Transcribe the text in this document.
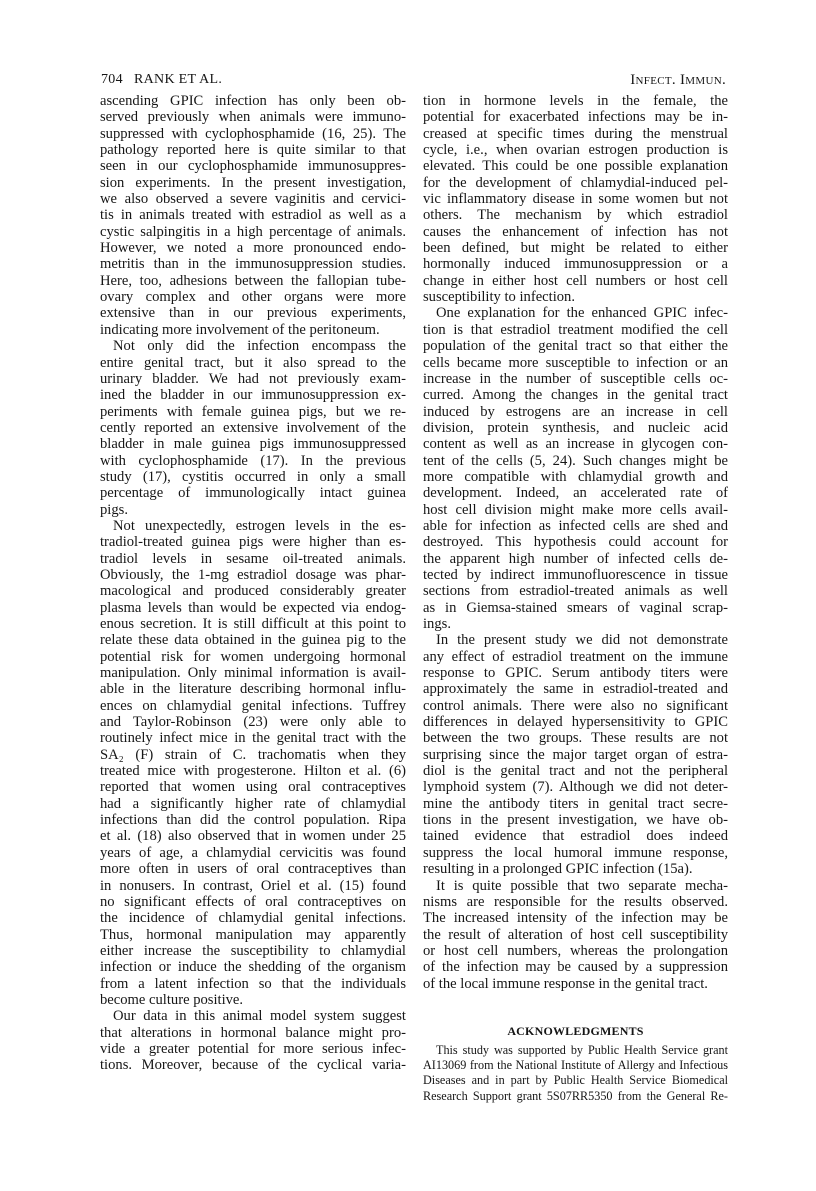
704 RANK ET AL.	Infect. Immun.
ascending GPIC infection has only been ob-
served previously when animals were immuno-
suppressed with cyclophosphamide (16, 25). The
pathology reported here is quite similar to that
seen in our cyclophosphamide immunosuppres-
sion experiments. In the present investigation,
we also observed a severe vaginitis and cervici-
tis in animals treated with estradiol as well as a
cystic salpingitis in a high percentage of animals.
However, we noted a more pronounced endo-
metritis than in the immunosuppression studies.
Here, too, adhesions between the fallopian tube-
ovary complex and other organs were more
extensive than in our previous experiments,
indicating more involvement of the peritoneum.
Not only did the infection encompass the
entire genital tract, but it also spread to the
urinary bladder. We had not previously exam-
ined the bladder in our immunosuppression ex-
periments with female guinea pigs, but we re-
cently reported an extensive involvement of the
bladder in male guinea pigs immunosuppressed
with cyclophosphamide (17). In the previous
study (17), cystitis occurred in only a small
percentage of immunologically intact guinea
pigs.
Not unexpectedly, estrogen levels in the es-
tradiol-treated guinea pigs were higher than es-
tradiol levels in sesame oil-treated animals.
Obviously, the 1-mg estradiol dosage was phar-
macological and produced considerably greater
plasma levels than would be expected via endog-
enous secretion. It is still difficult at this point to
relate these data obtained in the guinea pig to the
potential risk for women undergoing hormonal
manipulation. Only minimal information is avail-
able in the literature describing hormonal influ-
ences on chlamydial genital infections. Tuffrey
and Taylor-Robinson (23) were only able to
routinely infect mice in the genital tract with the
SA₂ (F) strain of C. trachomatis when they
treated mice with progesterone. Hilton et al. (6)
reported that women using oral contraceptives
had a significantly higher rate of chlamydial
infections than did the control population. Ripa
et al. (18) also observed that in women under 25
years of age, a chlamydial cervicitis was found
more often in users of oral contraceptives than
in nonusers. In contrast, Oriel et al. (15) found
no significant effects of oral contraceptives on
the incidence of chlamydial genital infections.
Thus, hormonal manipulation may apparently
either increase the susceptibility to chlamydial
infection or induce the shedding of the organism
from a latent infection so that the individuals
become culture positive.
Our data in this animal model system suggest
that alterations in hormonal balance might pro-
vide a greater potential for more serious infec-
tions. Moreover, because of the cyclical varia-
tion in hormone levels in the female, the
potential for exacerbated infections may be in-
creased at specific times during the menstrual
cycle, i.e., when ovarian estrogen production is
elevated. This could be one possible explanation
for the development of chlamydial-induced pel-
vic inflammatory disease in some women but not
others. The mechanism by which estradiol
causes the enhancement of infection has not
been defined, but might be related to either
hormonally induced immunosuppression or a
change in either host cell numbers or host cell
susceptibility to infection.
One explanation for the enhanced GPIC infec-
tion is that estradiol treatment modified the cell
population of the genital tract so that either the
cells became more susceptible to infection or an
increase in the number of susceptible cells oc-
curred. Among the changes in the genital tract
induced by estrogens are an increase in cell
division, protein synthesis, and nucleic acid
content as well as an increase in glycogen con-
tent of the cells (5, 24). Such changes might be
more compatible with chlamydial growth and
development. Indeed, an accelerated rate of
host cell division might make more cells avail-
able for infection as infected cells are shed and
destroyed. This hypothesis could account for
the apparent high number of infected cells de-
tected by indirect immunofluorescence in tissue
sections from estradiol-treated animals as well
as in Giemsa-stained smears of vaginal scrap-
ings.
In the present study we did not demonstrate
any effect of estradiol treatment on the immune
response to GPIC. Serum antibody titers were
approximately the same in estradiol-treated and
control animals. There were also no significant
differences in delayed hypersensitivity to GPIC
between the two groups. These results are not
surprising since the major target organ of estra-
diol is the genital tract and not the peripheral
lymphoid system (7). Although we did not deter-
mine the antibody titers in genital tract secre-
tions in the present investigation, we have ob-
tained evidence that estradiol does indeed
suppress the local humoral immune response,
resulting in a prolonged GPIC infection (15a).
It is quite possible that two separate mecha-
nisms are responsible for the results observed.
The increased intensity of the infection may be
the result of alteration of host cell susceptibility
or host cell numbers, whereas the prolongation
of the infection may be caused by a suppression
of the local immune response in the genital tract.
ACKNOWLEDGMENTS
This study was supported by Public Health Service grant
AI13069 from the National Institute of Allergy and Infectious
Diseases and in part by Public Health Service Biomedical
Research Support grant 5S07RR5350 from the General Re-
